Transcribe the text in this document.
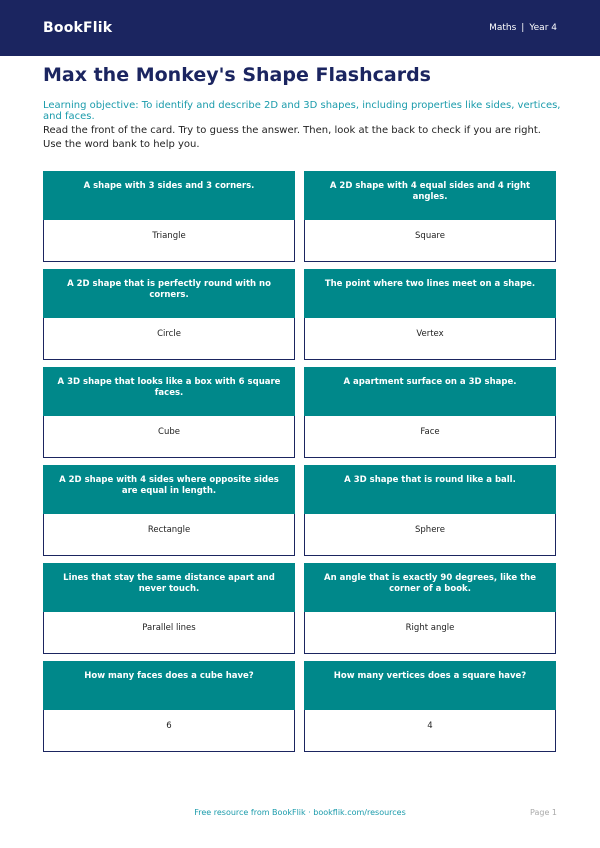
BookFlik	Maths | Year 4
Max the Monkey's Shape Flashcards

Learning objective: To identify and describe 2D and 3D shapes, including properties like sides, vertices, and faces.

Read the front of the card. Try to guess the answer. Then, look at the back to check if you are right. Use the word bank to help you.

A shape with 3 sides and 3 corners.
Triangle
A 2D shape with 4 equal sides and 4 right angles.
Square
A 2D shape that is perfectly round with no corners.
Circle
The point where two lines meet on a shape.
Vertex
A 3D shape that looks like a box with 6 square faces.
Cube
A apartment surface on a 3D shape.
Face
A 2D shape with 4 sides where opposite sides are equal in length.
Rectangle
A 3D shape that is round like a ball.
Sphere
Lines that stay the same distance apart and never touch.
Parallel lines
An angle that is exactly 90 degrees, like the corner of a book.
Right angle
How many faces does a cube have?
6
How many vertices does a square have?
4
Free resource from BookFlik · bookflik.com/resources	Page 1
